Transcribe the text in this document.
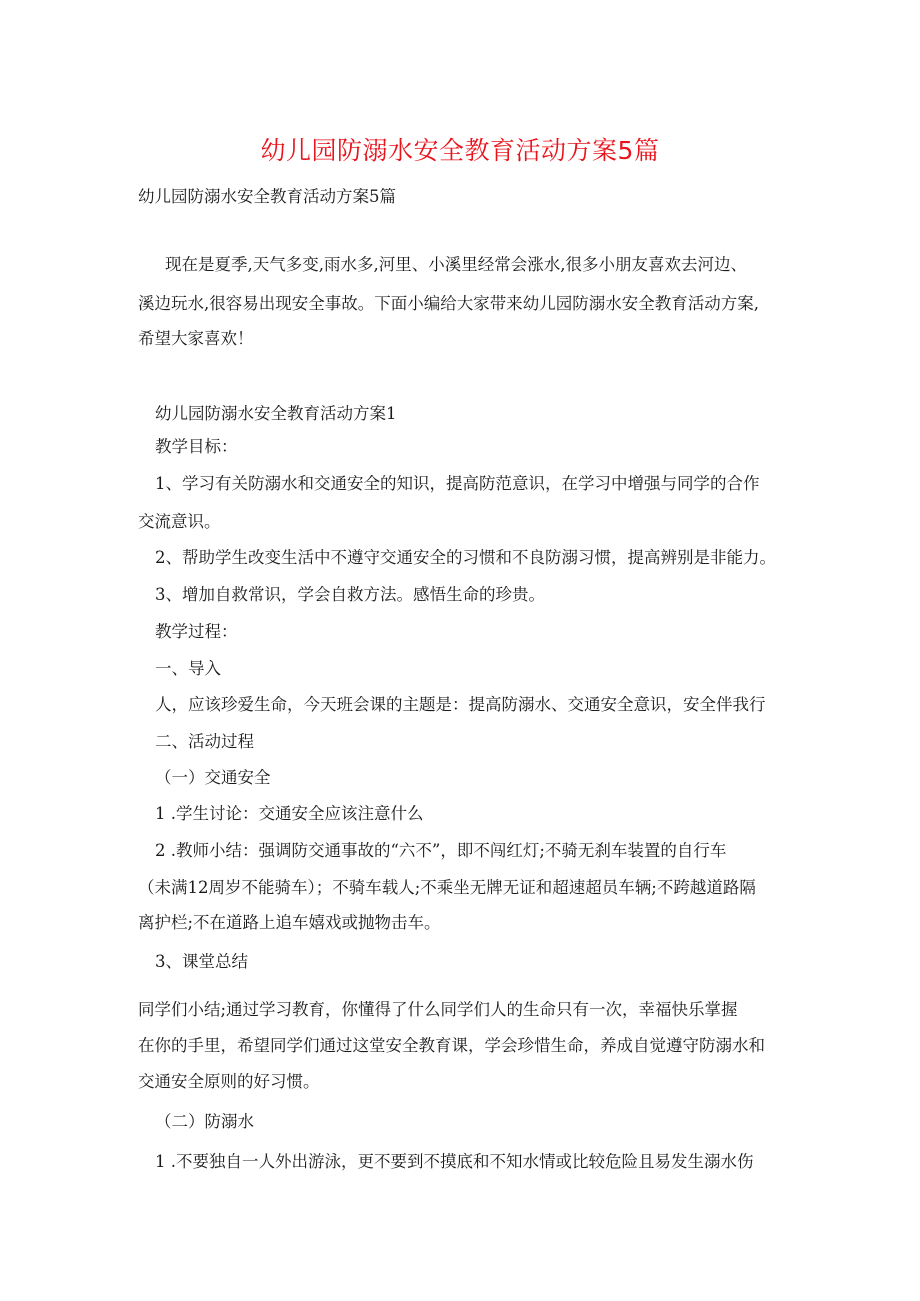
幼儿园防溺水安全教育活动方案5篇
幼儿园防溺水安全教育活动方案5篇
现在是夏季,天气多变,雨水多,河里、小溪里经常会涨水,很多小朋友喜欢去河边、
溪边玩水,很容易出现安全事故。下面小编给大家带来幼儿园防溺水安全教育活动方案,
希望大家喜欢！
幼儿园防溺水安全教育活动方案1
教学目标：
1、学习有关防溺水和交通安全的知识，提高防范意识，在学习中增强与同学的合作
交流意识。
2、帮助学生改变生活中不遵守交通安全的习惯和不良防溺习惯，提高辨别是非能力。
3、增加自救常识，学会自救方法。感悟生命的珍贵。
教学过程：
一、导入
人，应该珍爱生命，今天班会课的主题是：提高防溺水、交通安全意识，安全伴我行
二、活动过程
（一）交通安全
1 .学生讨论：交通安全应该注意什么
2 .教师小结：强调防交通事故的“六不”，即不闯红灯;不骑无刹车装置的自行车
（未满12周岁不能骑车）；不骑车载人;不乘坐无牌无证和超速超员车辆;不跨越道路隔
离护栏;不在道路上追车嬉戏或抛物击车。
3、课堂总结
同学们小结;通过学习教育，你懂得了什么同学们人的生命只有一次，幸福快乐掌握
在你的手里，希望同学们通过这堂安全教育课，学会珍惜生命，养成自觉遵守防溺水和
交通安全原则的好习惯。
（二）防溺水
1 .不要独自一人外出游泳，更不要到不摸底和不知水情或比较危险且易发生溺水伤
